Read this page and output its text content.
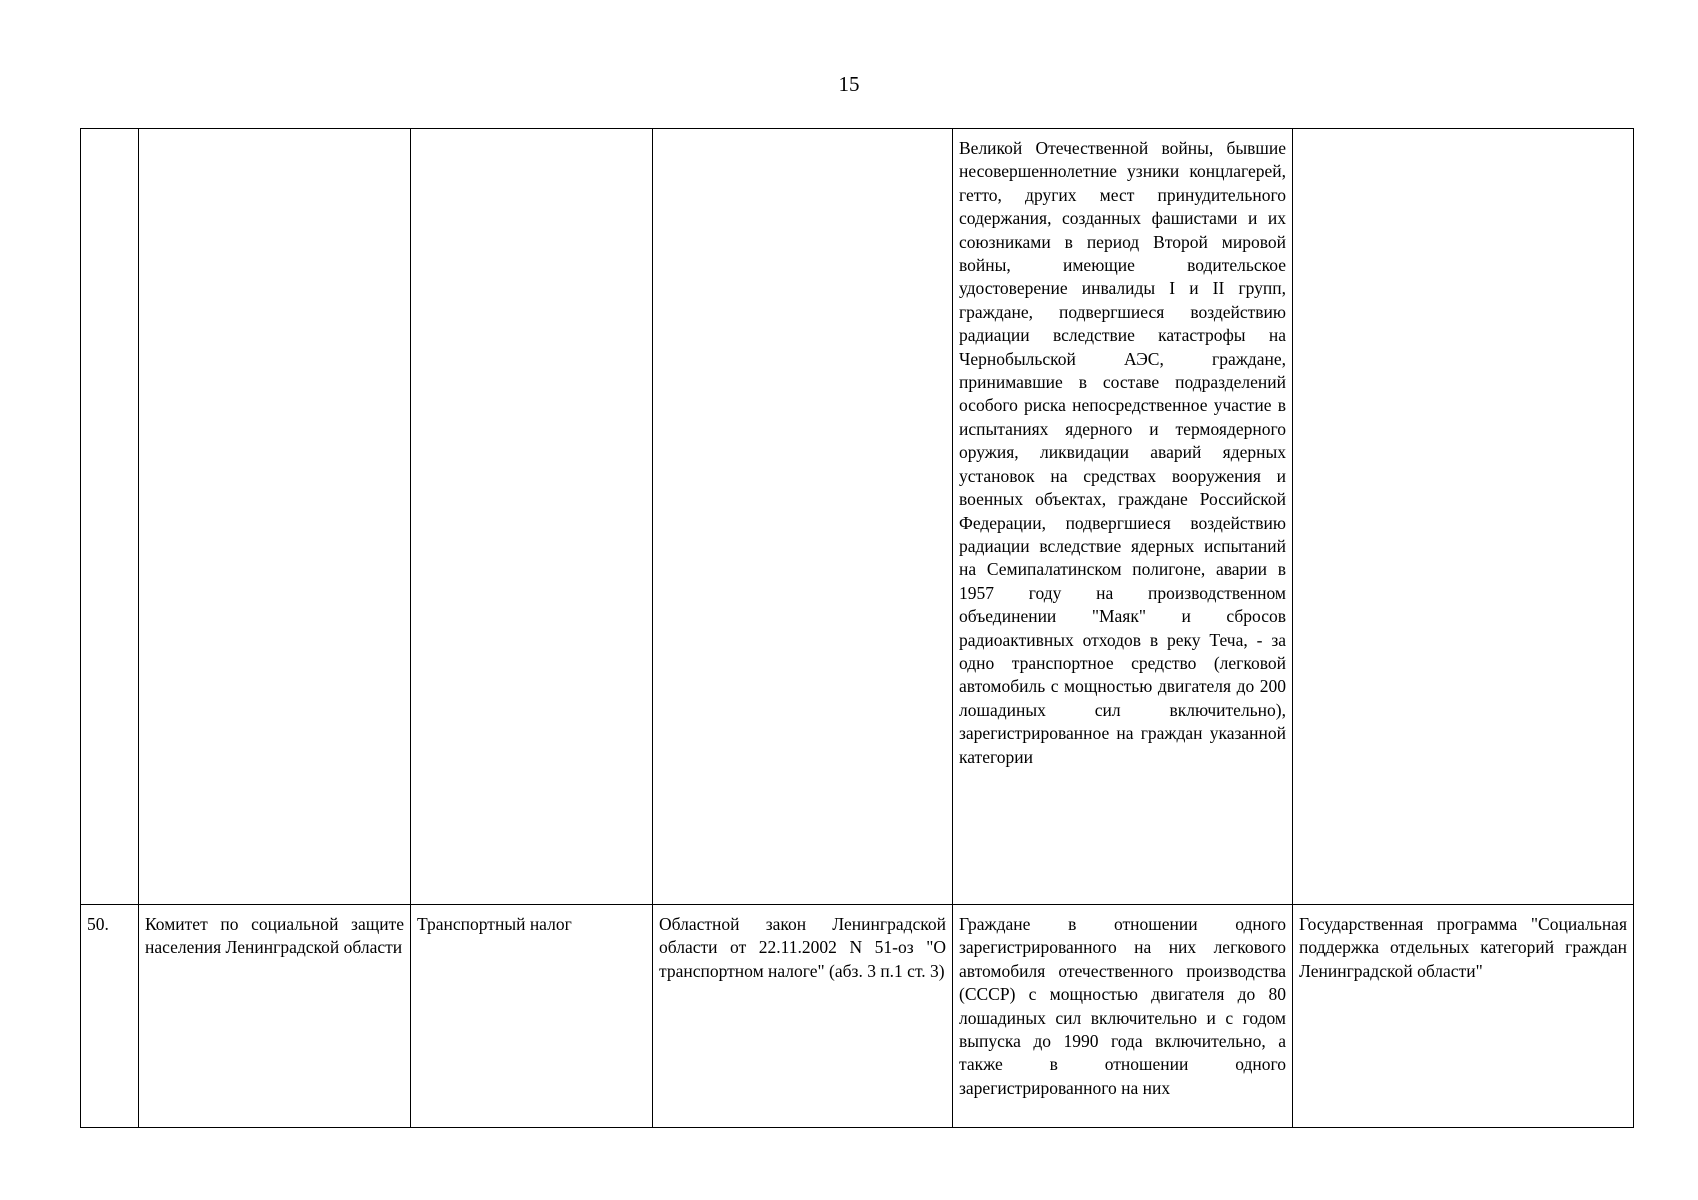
15
				Великой Отечественной войны, бывшие несовершеннолетние узники концлагерей, гетто, других мест принудительного содержания, созданных фашистами и их союзниками в период Второй мировой войны, имеющие водительское удостоверение инвалиды I и II групп, граждане, подвергшиеся воздействию радиации вследствие катастрофы на Чернобыльской АЭС, граждане, принимавшие в составе подразделений особого риска непосредственное участие в испытаниях ядерного и термоядерного оружия, ликвидации аварий ядерных установок на средствах вооружения и военных объектах, граждане Российской Федерации, подвергшиеся воздействию радиации вследствие ядерных испытаний на Семипалатинском полигоне, аварии в 1957 году на производственном объединении "Маяк" и сбросов радиоактивных отходов в реку Теча, - за одно транспортное средство (легковой автомобиль с мощностью двигателя до 200 лошадиных сил включительно), зарегистрированное на граждан указанной категории	
50.	Комитет по социальной защите населения Ленинградской области	Транспортный налог	Областной закон Ленинградской области от 22.11.2002 N 51-оз "О транспортном налоге" (абз. 3 п.1 ст. 3)	Граждане в отношении одного зарегистрированного на них легкового автомобиля отечественного производства (СССР) с мощностью двигателя до 80 лошадиных сил включительно и с годом выпуска до 1990 года включительно, а также в отношении одного зарегистрированного на них	Государственная программа "Социальная поддержка отдельных категорий граждан Ленинградской области"
